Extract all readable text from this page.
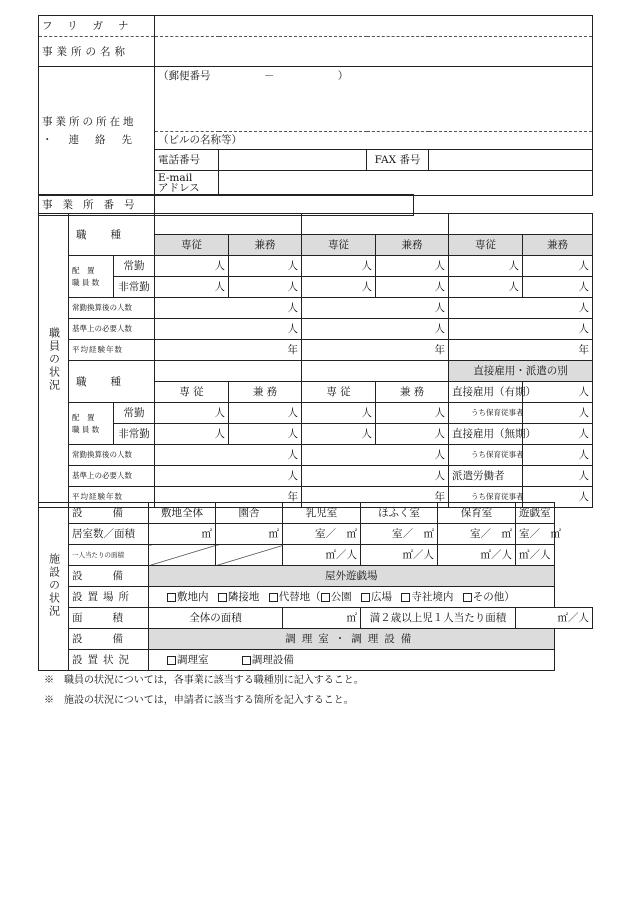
フリガナ				

事業所の名称				

事業所の所在地
・連絡先	（郵便番号 － ）			
	（ビルの名称等）			
	電話番号		FAX 番号	

	E-mail
アドレス			

事業所番号	
職員の状況	職種							

			専従	兼務	専従	兼務	専従	兼務

	配　置
職 員 数	常勤	人	人	人	人	人	人
		非常勤	人	人	人	人	人	人
	常勤換算後の人数		人		人		人	
	基準上の必要人数		人		人		人	
	平均経験年数		年		年		年	

	職種						直接雇用・派遣の別	
			専 従	兼 務	専 従	兼 務	直接雇用（有期）	人

	配　置
職 員 数	常勤	人	人	人	人	うち保育従事者	人
		非常勤	人	人	人	人	直接雇用（無期）	人
	常勤換算後の人数		人		人		うち保育従事者	人
	基準上の必要人数		人		人		派遣労働者	人
	平均経験年数		年		年		うち保育従事者	人
施設の状況	設備	敷地全体	園舎	乳児室	ほふく室	保育室	遊戯室
	居室数／面積	㎡	㎡	室／　㎡	室／　㎡	室／　㎡	室／　㎡
	一人当たりの面積			㎡／人	㎡／人	㎡／人	㎡／人

	設備	屋外遊戯場					
	設置場所	敷地内 隣接地 代替地（ 公園 広場 寺社境内 その他）					

	面積	全体の面積		㎡	満２歳以上児１人当たり面積		㎡／人

	設備	調理室・調理設備					
	設置状況	調理室 調理設備					
※　職員の状況については，各事業に該当する職種別に記入すること。
※　施設の状況については，申請者に該当する箇所を記入すること。
